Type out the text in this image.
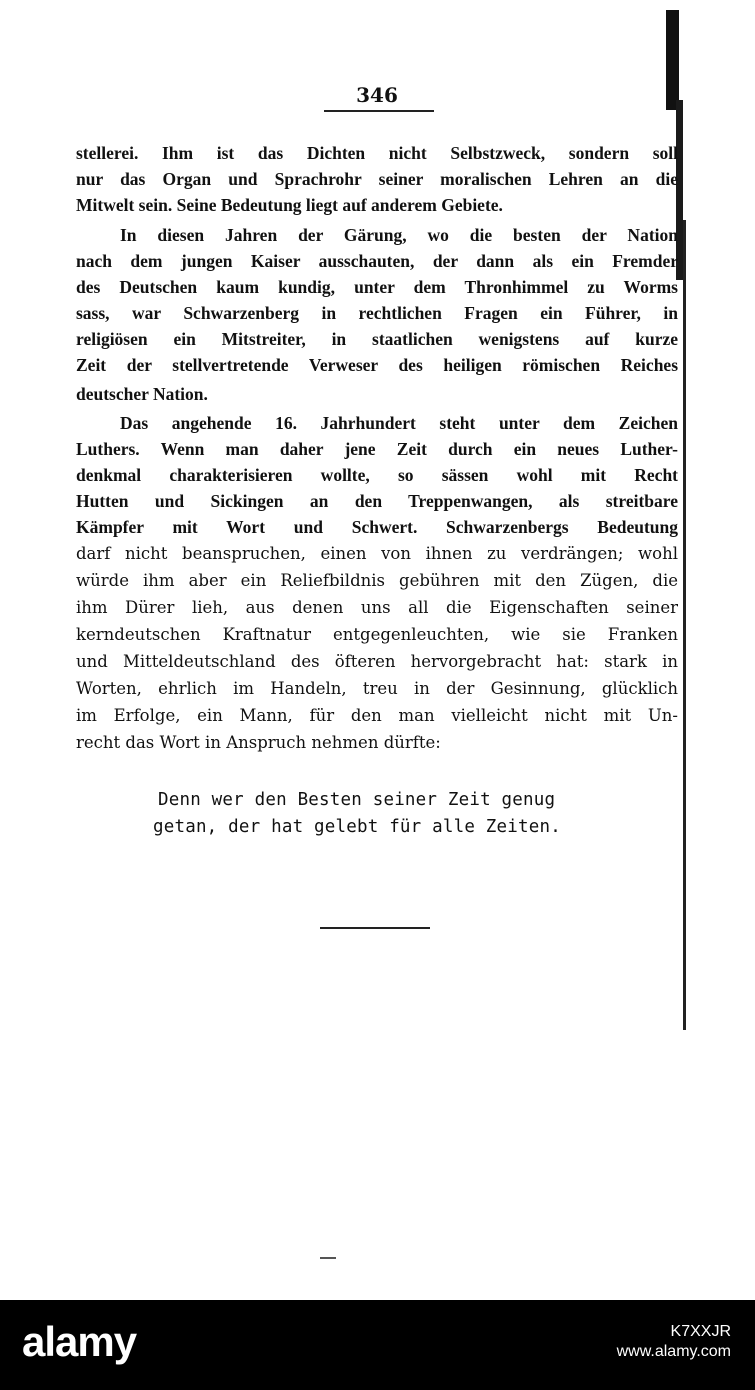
346

stellerei. Ihm ist das Dichten nicht Selbstzweck, sondern soll

nur das Organ und Sprachrohr seiner moralischen Lehren an die

Mitwelt sein. Seine Bedeutung liegt auf anderem Gebiete.

In diesen Jahren der Gärung, wo die besten der Nation

nach dem jungen Kaiser ausschauten, der dann als ein Fremder

des Deutschen kaum kundig, unter dem Thronhimmel zu Worms

sass, war Schwarzenberg in rechtlichen Fragen ein Führer, in

religiösen ein Mitstreiter, in staatlichen wenigstens auf kurze

Zeit der stellvertretende Verweser des heiligen römischen Reiches

deutscher Nation.

Das angehende 16. Jahrhundert steht unter dem Zeichen

Luthers. Wenn man daher jene Zeit durch ein neues Luther-

denkmal charakterisieren wollte, so sässen wohl mit Recht

Hutten und Sickingen an den Treppenwangen, als streitbare

Kämpfer mit Wort und Schwert. Schwarzenbergs Bedeutung

darf nicht beanspruchen, einen von ihnen zu verdrängen; wohl

würde ihm aber ein Reliefbildnis gebühren mit den Zügen, die

ihm Dürer lieh, aus denen uns all die Eigenschaften seiner

kerndeutschen Kraftnatur entgegenleuchten, wie sie Franken

und Mitteldeutschland des öfteren hervorgebracht hat: stark in

Worten, ehrlich im Handeln, treu in der Gesinnung, glücklich

im Erfolge, ein Mann, für den man vielleicht nicht mit Un-

recht das Wort in Anspruch nehmen dürfte:

Denn wer den Besten seiner Zeit genug

getan, der hat gelebt für alle Zeiten.

alamy	K7XXJR
www.alamy.com
